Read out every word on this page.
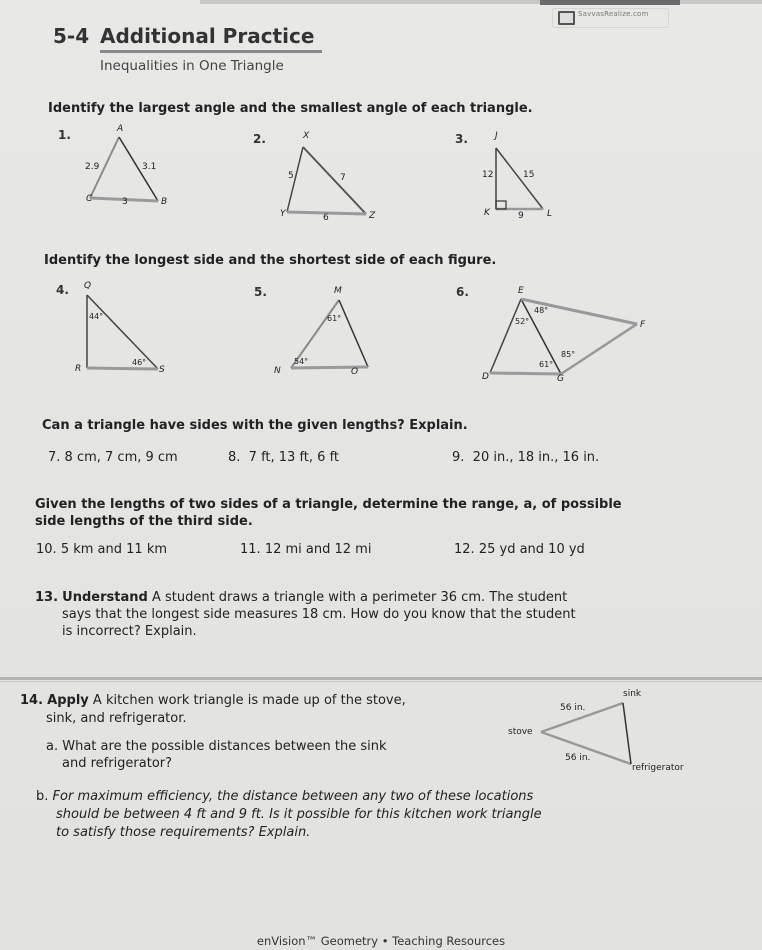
SavvasRealize.com
5-4 Additional Practice
Inequalities in One Triangle
Identify the largest angle and the smallest angle of each triangle.
1.	A
C	B
2.9	3.1
3
2.	X
Y	Z
5	7
6
3.	J
K	L
12	15
9
Identify the longest side and the shortest side of each figure.
4. Q
R	S
44°
46°
5.	M
N	O
61°
54°
6.	E
D	G
F
52°
48°
61°
85°
Can a triangle have sides with the given lengths? Explain.
7. 8 cm, 7 cm, 9 cm	8. 7 ft, 13 ft, 6 ft	9. 20 in., 18 in., 16 in.
Given the lengths of two sides of a triangle, determine the range, a, of possible
side lengths of the third side.
10. 5 km and 11 km	11. 12 mi and 12 mi	12. 25 yd and 10 yd
13. Understand A student draws a triangle with a perimeter 36 cm. The student
says that the longest side measures 18 cm. How do you know that the student
is incorrect? Explain.
14. Apply A kitchen work triangle is made up of the stove,
sink, and refrigerator.
a. What are the possible distances between the sink
and refrigerator?
sink
stove
refrigerator
56 in.
56 in.
b. For maximum efficiency, the distance between any two of these locations
should be between 4 ft and 9 ft. Is it possible for this kitchen work triangle
to satisfy those requirements? Explain.
enVision™ Geometry • Teaching Resources
